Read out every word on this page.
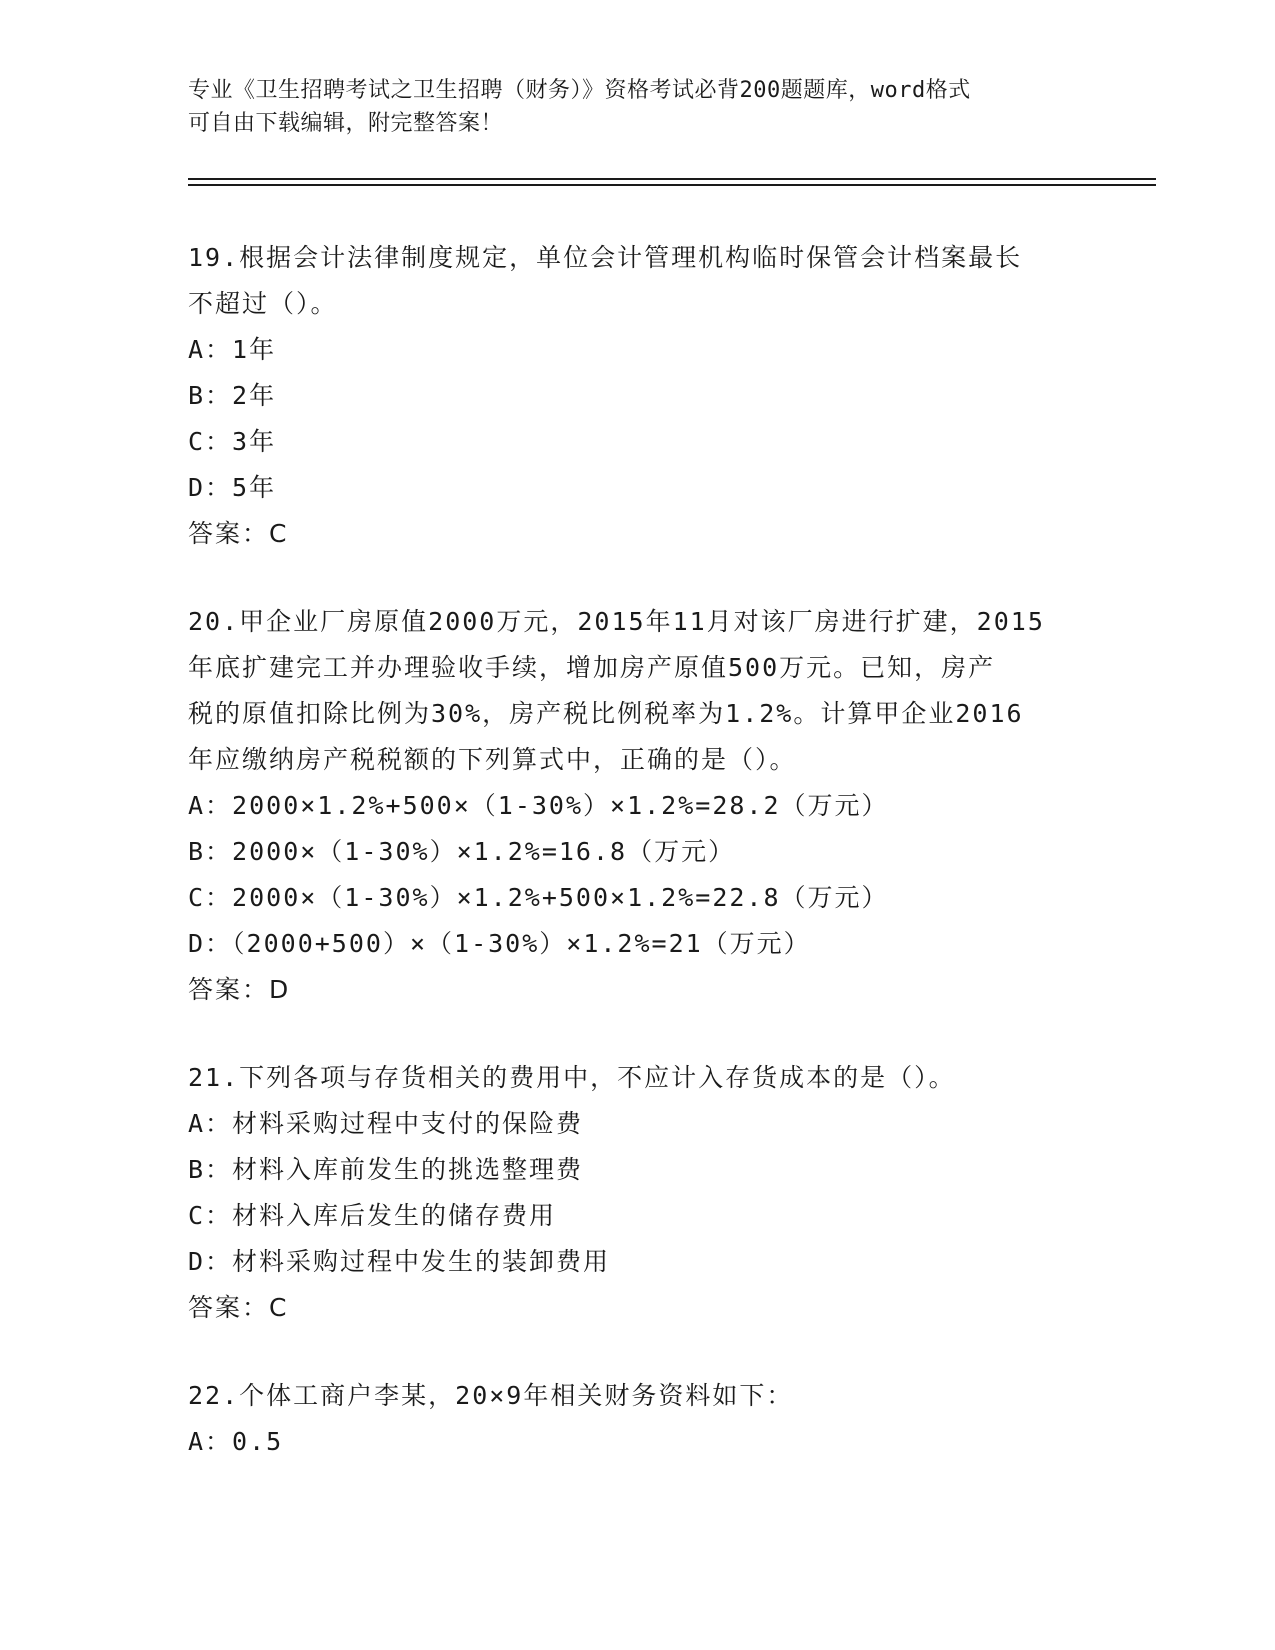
专业《卫生招聘考试之卫生招聘（财务）》资格考试必背200题题库，word格式
可自由下载编辑，附完整答案！

19.根据会计法律制度规定，单位会计管理机构临时保管会计档案最长

不超过（）。

A：1年

B：2年

C：3年

D：5年

答案：C

20.甲企业厂房原值2000万元，2015年11月对该厂房进行扩建，2015

年底扩建完工并办理验收手续，增加房产原值500万元。已知，房产

税的原值扣除比例为30%，房产税比例税率为1.2%。计算甲企业2016

年应缴纳房产税税额的下列算式中，正确的是（）。

A：2000×1.2%+500×（1-30%）×1.2%=28.2（万元）

B：2000×（1-30%）×1.2%=16.8（万元）

C：2000×（1-30%）×1.2%+500×1.2%=22.8（万元）

D：（2000+500）×（1-30%）×1.2%=21（万元）

答案：D

21.下列各项与存货相关的费用中，不应计入存货成本的是（）。

A：材料采购过程中支付的保险费

B：材料入库前发生的挑选整理费

C：材料入库后发生的储存费用

D：材料采购过程中发生的装卸费用

答案：C

22.个体工商户李某，20×9年相关财务资料如下：

A：0.5
